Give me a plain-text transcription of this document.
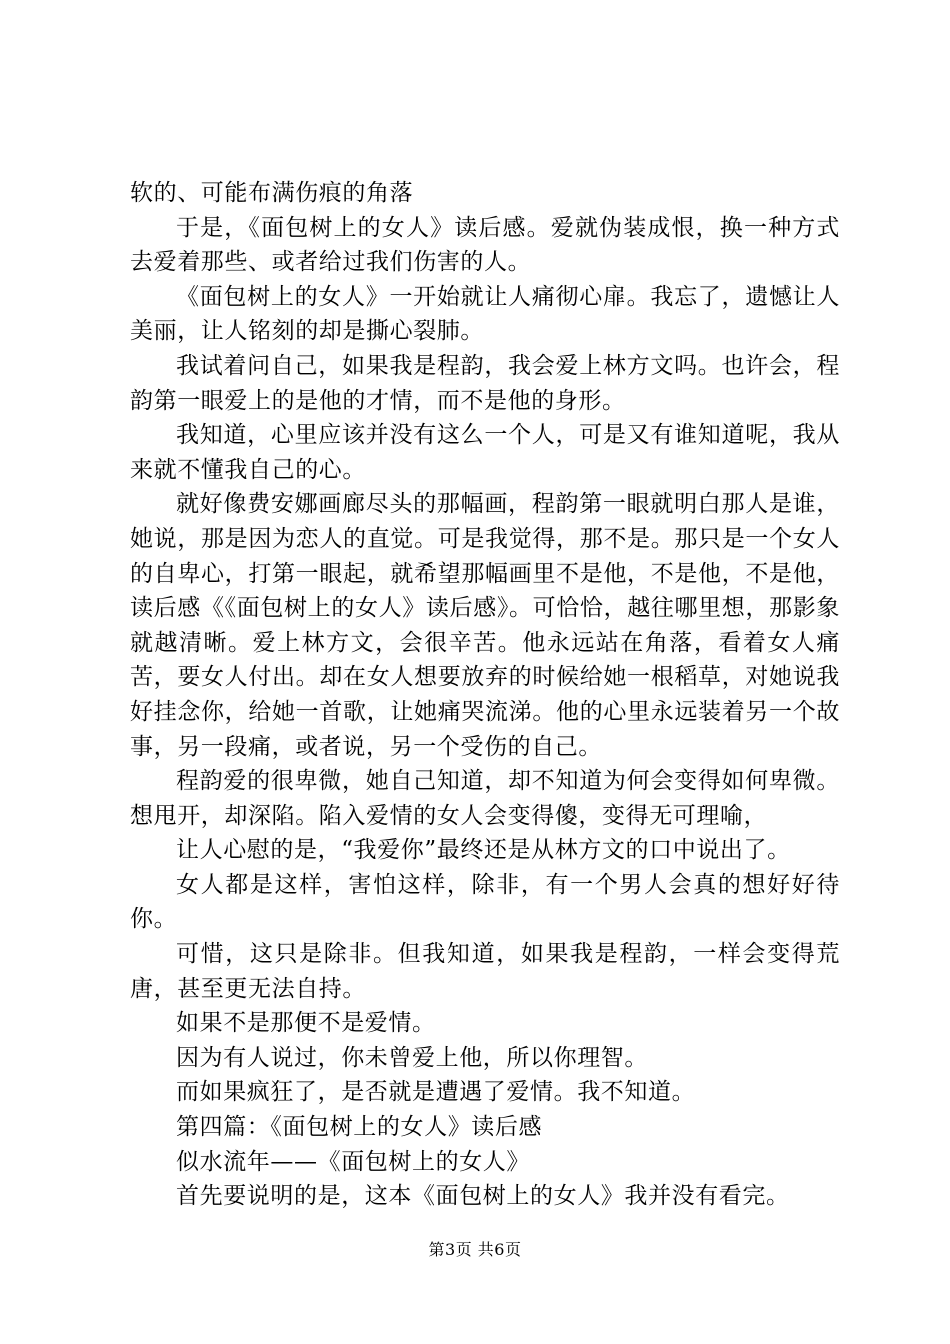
软的、可能布满伤痕的角落

于是，《面包树上的女人》读后感。爱就伪装成恨，换一种方式去爱着那些、或者给过我们伤害的人。

《面包树上的女人》一开始就让人痛彻心扉。我忘了，遗憾让人美丽，让人铭刻的却是撕心裂肺。

我试着问自己，如果我是程韵，我会爱上林方文吗。也许会，程韵第一眼爱上的是他的才情，而不是他的身形。

我知道，心里应该并没有这么一个人，可是又有谁知道呢，我从来就不懂我自己的心。

就好像费安娜画廊尽头的那幅画，程韵第一眼就明白那人是谁，她说，那是因为恋人的直觉。可是我觉得，那不是。那只是一个女人的自卑心，打第一眼起，就希望那幅画里不是他，不是他，不是他，读后感《《面包树上的女人》读后感》。可恰恰，越往哪里想，那影象就越清晰。爱上林方文，会很辛苦。他永远站在角落，看着女人痛苦，要女人付出。却在女人想要放弃的时候给她一根稻草，对她说我好挂念你，给她一首歌，让她痛哭流涕。他的心里永远装着另一个故事，另一段痛，或者说，另一个受伤的自己。

程韵爱的很卑微，她自己知道，却不知道为何会变得如何卑微。想甩开，却深陷。陷入爱情的女人会变得傻，变得无可理喻，

让人心慰的是，“我爱你”最终还是从林方文的口中说出了。

女人都是这样，害怕这样，除非，有一个男人会真的想好好待你。

可惜，这只是除非。但我知道，如果我是程韵，一样会变得荒唐，甚至更无法自持。

如果不是那便不是爱情。

因为有人说过，你未曾爱上他，所以你理智。

而如果疯狂了，是否就是遭遇了爱情。我不知道。

第四篇：《面包树上的女人》读后感

似水流年——《面包树上的女人》

首先要说明的是，这本《面包树上的女人》我并没有看完。

第3页 共6页
